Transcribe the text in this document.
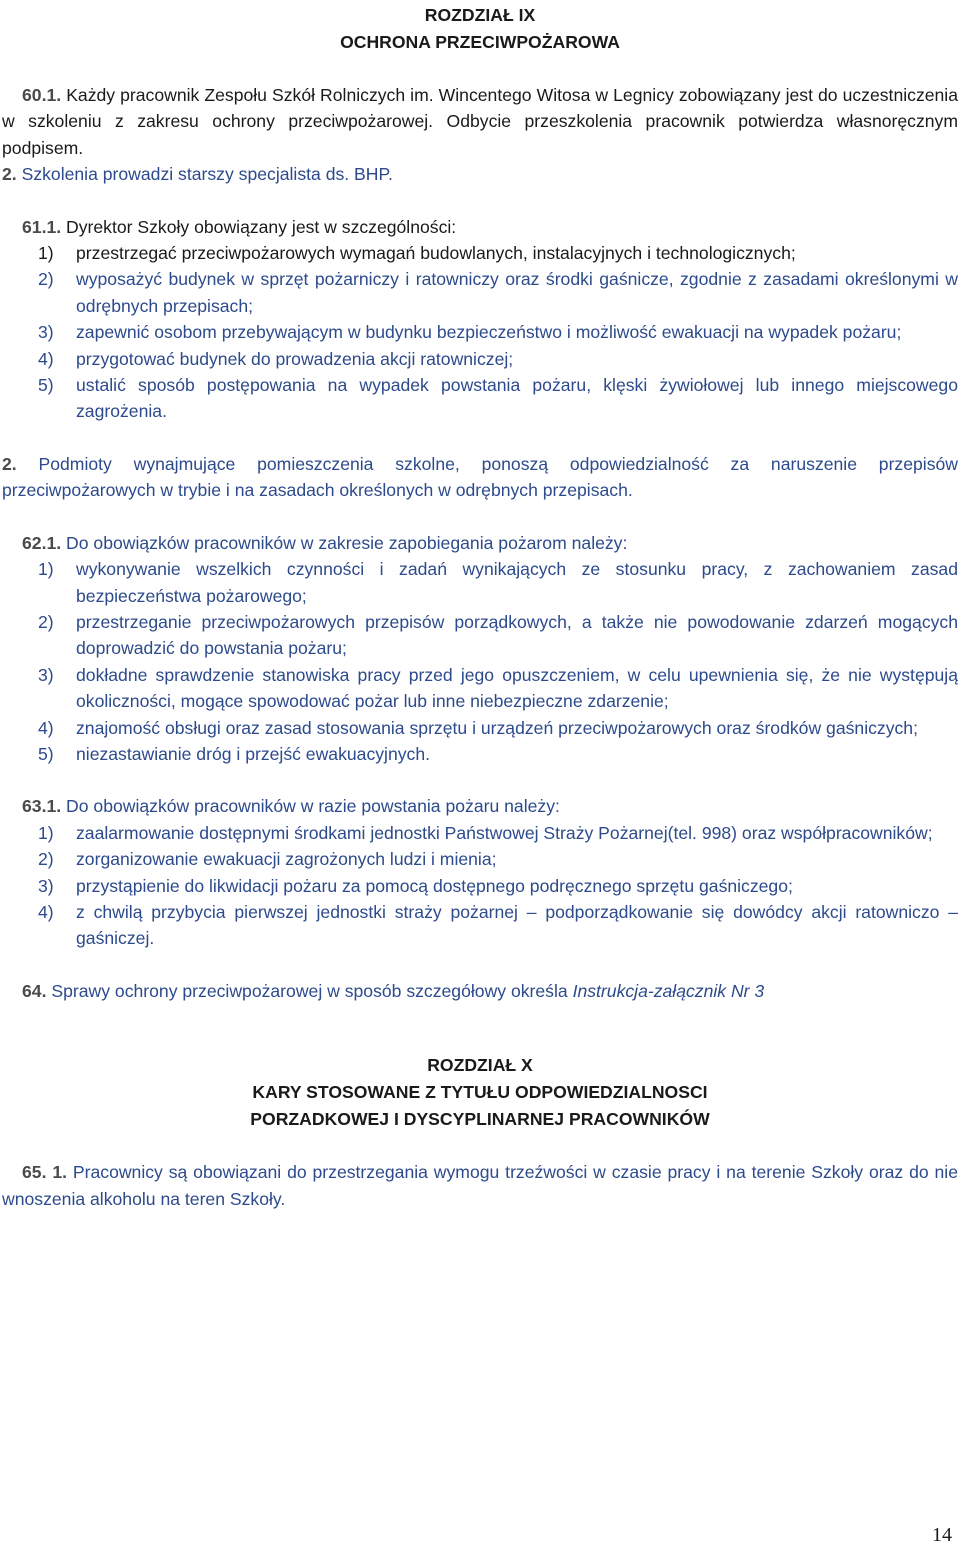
ROZDZIAŁ IX
OCHRONA PRZECIWPOŻAROWA

60.1. Każdy pracownik Zespołu Szkół Rolniczych im. Wincentego Witosa w Legnicy zobowiązany jest do uczestniczenia w szkoleniu z zakresu ochrony przeciwpożarowej. Odbycie przeszkolenia pracownik potwierdza własnoręcznym podpisem.

2. Szkolenia prowadzi starszy specjalista ds. BHP.

61.1. Dyrektor Szkoły obowiązany jest w szczególności:

1)	przestrzegać przeciwpożarowych wymagań budowlanych, instalacyjnych i technologicznych;
2)	wyposażyć budynek w sprzęt pożarniczy i ratowniczy oraz środki gaśnicze, zgodnie z zasadami określonymi w odrębnych przepisach;
3)	zapewnić osobom przebywającym w budynku bezpieczeństwo i możliwość ewakuacji na wypadek pożaru;
4)	przygotować budynek do prowadzenia akcji ratowniczej;
5)	ustalić sposób postępowania na wypadek powstania pożaru, klęski żywiołowej lub innego miejscowego zagrożenia.

2. Podmioty wynajmujące pomieszczenia szkolne, ponoszą odpowiedzialność za naruszenie przepisów przeciwpożarowych w trybie i na zasadach określonych w odrębnych przepisach.

62.1. Do obowiązków pracowników w zakresie zapobiegania pożarom należy:

1)	wykonywanie wszelkich czynności i zadań wynikających ze stosunku pracy, z zachowaniem zasad bezpieczeństwa pożarowego;
2)	przestrzeganie przeciwpożarowych przepisów porządkowych, a także nie powodowanie zdarzeń mogących doprowadzić do powstania pożaru;
3)	dokładne sprawdzenie stanowiska pracy przed jego opuszczeniem, w celu upewnienia się, że nie występują okoliczności, mogące spowodować pożar lub inne niebezpieczne zdarzenie;
4)	znajomość obsługi oraz zasad stosowania sprzętu i urządzeń przeciwpożarowych oraz środków gaśniczych;
5)	niezastawianie dróg i przejść ewakuacyjnych.

63.1. Do obowiązków pracowników w razie powstania pożaru należy:

1)	zaalarmowanie dostępnymi środkami jednostki Państwowej Straży Pożarnej(tel. 998) oraz współpracowników;
2)	zorganizowanie ewakuacji zagrożonych ludzi i mienia;
3)	przystąpienie do likwidacji pożaru za pomocą dostępnego podręcznego sprzętu gaśniczego;
4)	z chwilą przybycia pierwszej jednostki straży pożarnej – podporządkowanie się dowódcy akcji ratowniczo – gaśniczej.

64. Sprawy ochrony przeciwpożarowej w sposób szczegółowy określa Instrukcja-załącznik Nr 3

ROZDZIAŁ X
KARY STOSOWANE Z TYTUŁU ODPOWIEDZIALNOSCI
PORZADKOWEJ I DYSCYPLINARNEJ PRACOWNIKÓW

65. 1. Pracownicy są obowiązani do przestrzegania wymogu trzeźwości w czasie pracy i na terenie Szkoły oraz do nie wnoszenia alkoholu na teren Szkoły.

14
